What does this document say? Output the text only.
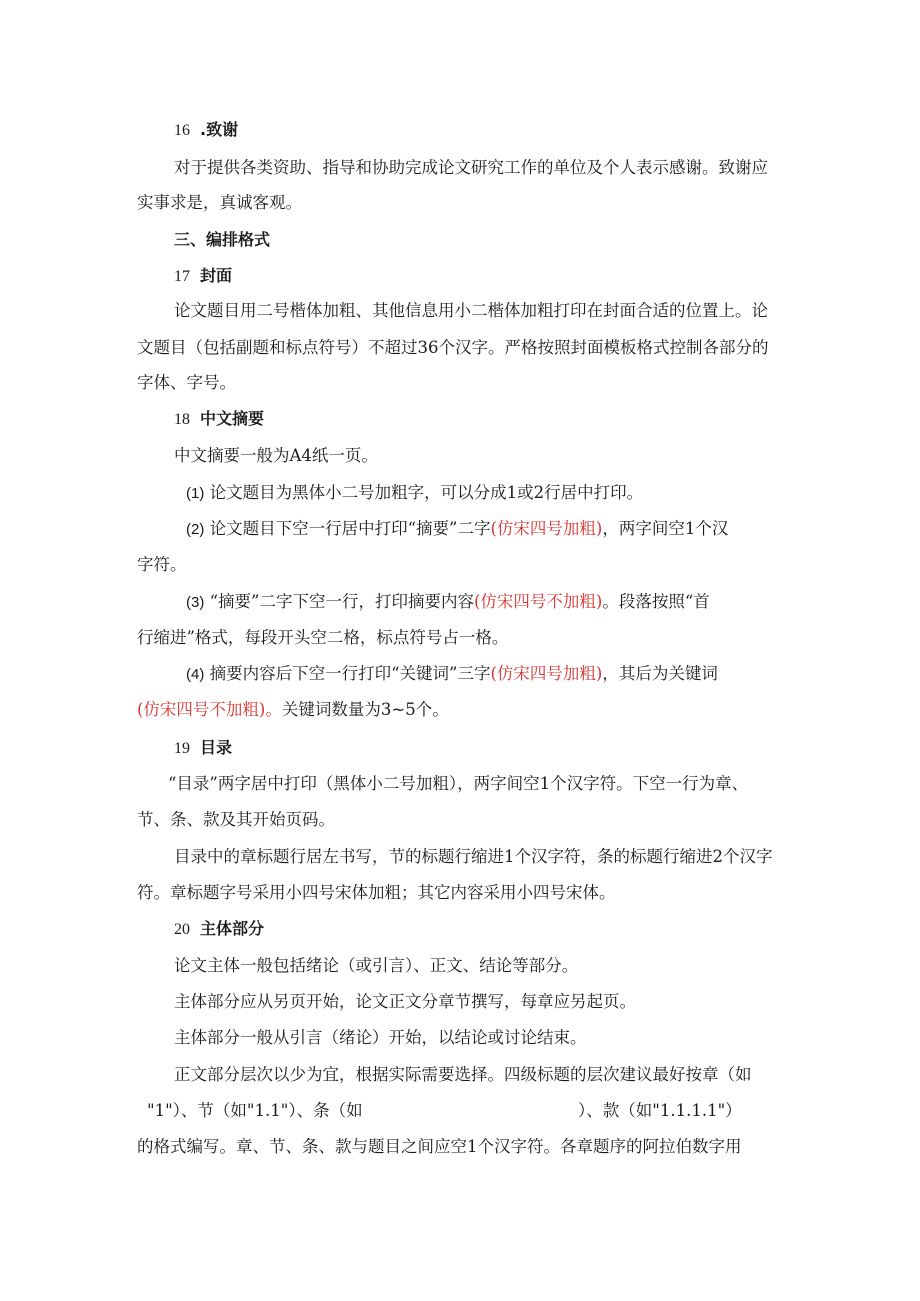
16 .致谢

对于提供各类资助、指导和协助完成论文研究工作的单位及个人表示感谢。致谢应

实事求是，真诚客观。

三、编排格式

17 封面

论文题目用二号楷体加粗、其他信息用小二楷体加粗打印在封面合适的位置上。论

文题目（包括副题和标点符号）不超过36个汉字。严格按照封面模板格式控制各部分的

字体、字号。

18 中文摘要

中文摘要一般为A4纸一页。

(1) 论文题目为黑体小二号加粗字，可以分成1或2行居中打印。

(2) 论文题目下空一行居中打印“摘要”二字(仿宋四号加粗)，两字间空1个汉

字符。

(3) “摘要”二字下空一行，打印摘要内容(仿宋四号不加粗)。段落按照“首

行缩进”格式，每段开头空二格，标点符号占一格。

(4) 摘要内容后下空一行打印“关键词”三字(仿宋四号加粗)，其后为关键词

(仿宋四号不加粗)。关键词数量为3~5个。

19 目录

“目录”两字居中打印（黑体小二号加粗），两字间空1个汉字符。下空一行为章、

节、条、款及其开始页码。

目录中的章标题行居左书写，节的标题行缩进1个汉字符，条的标题行缩进2个汉字

符。章标题字号采用小四号宋体加粗；其它内容采用小四号宋体。

20 主体部分

论文主体一般包括绪论（或引言）、正文、结论等部分。

主体部分应从另页开始，论文正文分章节撰写，每章应另起页。

主体部分一般从引言（绪论）开始，以结论或讨论结束。

正文部分层次以少为宜，根据实际需要选择。四级标题的层次建议最好按章（如

"1"）、节（如"1.1"）、条（如	）、款（如"1.1.1.1"）

的格式编写。章、节、条、款与题目之间应空1个汉字符。各章题序的阿拉伯数字用
